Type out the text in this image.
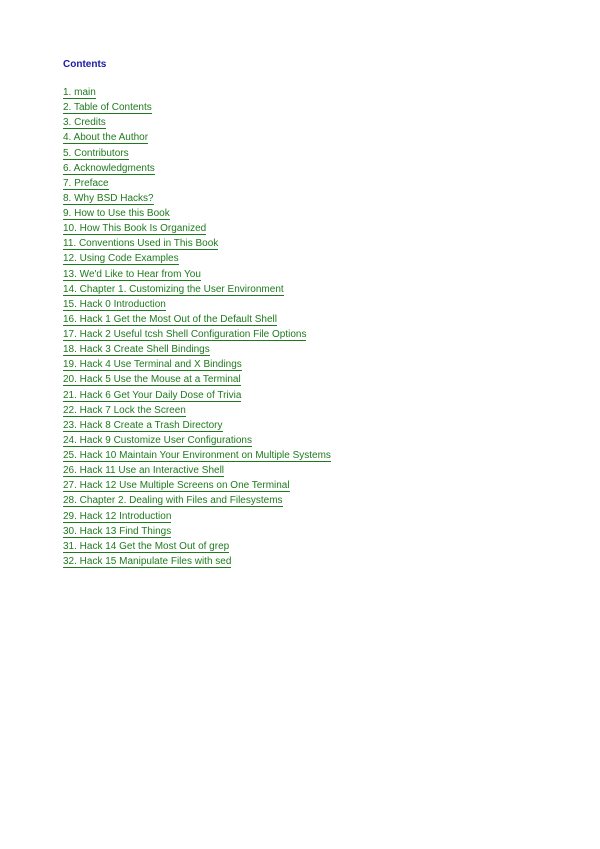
Contents
1. main
2. Table of Contents
3. Credits
4. About the Author
5. Contributors
6. Acknowledgments
7. Preface
8. Why BSD Hacks?
9. How to Use this Book
10. How This Book Is Organized
11. Conventions Used in This Book
12. Using Code Examples
13. We'd Like to Hear from You
14. Chapter 1. Customizing the User Environment
15. Hack 0 Introduction
16. Hack 1 Get the Most Out of the Default Shell
17. Hack 2 Useful tcsh Shell Configuration File Options
18. Hack 3 Create Shell Bindings
19. Hack 4 Use Terminal and X Bindings
20. Hack 5 Use the Mouse at a Terminal
21. Hack 6 Get Your Daily Dose of Trivia
22. Hack 7 Lock the Screen
23. Hack 8 Create a Trash Directory
24. Hack 9 Customize User Configurations
25. Hack 10 Maintain Your Environment on Multiple Systems
26. Hack 11 Use an Interactive Shell
27. Hack 12 Use Multiple Screens on One Terminal
28. Chapter 2. Dealing with Files and Filesystems
29. Hack 12 Introduction
30. Hack 13 Find Things
31. Hack 14 Get the Most Out of grep
32. Hack 15 Manipulate Files with sed
